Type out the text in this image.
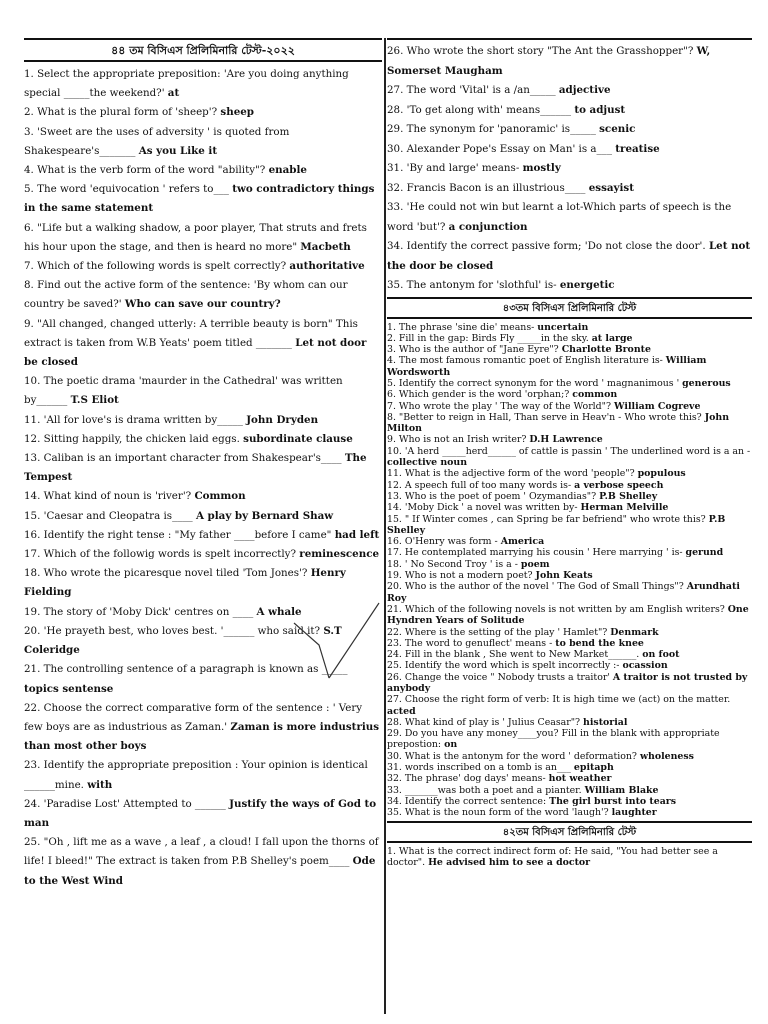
৪৪ তম বিসিএস প্রিলিমিনারি টেস্ট-২০২২

1. Select the appropriate preposition: 'Are you doing anything special _____the weekend?' at

2. What is the plural form of 'sheep'? sheep

3. 'Sweet are the uses of adversity ' is quoted from Shakespeare's_______ As you Like it

4. What is the verb form of the word "ability"? enable

5. The word 'equivocation ' refers to___ two contradictory things in the same statement

6. "Life but a walking shadow, a poor player, That struts and frets his hour upon the stage, and then is heard no more" Macbeth

7. Which of the following words is spelt correctly? authoritative

8. Find out the active form of the sentence: 'By whom can our country be saved?' Who can save our country?

9. "All changed, changed utterly: A terrible beauty is born" This extract is taken from W.B Yeats' poem titled _______ Let not door be closed

10. The poetic drama 'maurder in the Cathedral' was written by______ T.S Eliot

11. 'All for love's is drama written by_____ John Dryden

12. Sitting happily, the chicken laid eggs. subordinate clause

13. Caliban is an important character from Shakespear's____ The Tempest

14. What kind of noun is 'river'? Common

15. 'Caesar and Cleopatra is____ A play by Bernard Shaw

16. Identify the right tense : "My father ____before I came" had left

17. Which of the followig words is spelt incorrectly? reminescence

18. Who wrote the picaresque novel tiled 'Tom Jones'? Henry Fielding

19. The story of 'Moby Dick' centres on ____ A whale

20. 'He prayeth best, who loves best. '______ who said it? S.T Coleridge

21. The controlling sentence of a paragraph is known as _____ topics sentense

22. Choose the correct comparative form of the sentence : ' Very few boys are as industrious as Zaman.' Zaman is more industrius than most other boys

23. Identify the appropriate preposition : Your opinion is identical ______mine. with

24. 'Paradise Lost' Attempted to ______ Justify the ways of God to man

25. "Oh , lift me as a wave , a leaf , a cloud! I fall upon the thorns of life! I bleed!" The extract is taken from P.B Shelley's poem____ Ode to the West Wind

26. Who wrote the short story "The Ant the Grasshopper"? W, Somerset Maugham

27. The word 'Vital' is a /an_____ adjective

28. 'To get along with' means______ to adjust

29. The synonym for 'panoramic' is_____ scenic

30. Alexander Pope's Essay on Man' is a___ treatise

31. 'By and large' means- mostly

32. Francis Bacon is an illustrious____ essayist

33. 'He could not win but learnt a lot-Which parts of speech is the word 'but'? a conjunction

34. Identify the correct passive form; 'Do not close the door'. Let not the door be closed

35. The antonym for 'slothful' is- energetic

৪৩তম বিসিএস প্রিলিমিনারি টেস্ট

1. The phrase 'sine die' means- uncertain

2. Fill in the gap: Birds Fly _____in the sky. at large

3. Who is the author of "Jane Eyre"? Charlotte Bronte

4. The most famous romantic poet of English literature is- William Wordsworth

5. Identify the correct synonym for the word ' magnanimous ' generous

6. Which gender is the word 'orphan;? common

7. Who wrote the play ' The way of the World"? William Cogreve

8. "Better to reign in Hall, Than serve in Heav'n - Who wrote this? John Milton

9. Who is not an Irish writer? D.H Lawrence

10. 'A herd _____herd______ of cattle is passin ' The underlined word is a an - collective noun

11. What is the adjective form of the word 'people"? populous

12. A speech full of too many words is- a verbose speech

13. Who is the poet of poem ' Ozymandias"? P.B Shelley

14. 'Moby Dick ' a novel was written by- Herman Melville

15. " If Winter comes , can Spring be far befriend" who wrote this? P.B Shelley

16. O'Henry was form - America

17. He contemplated marrying his cousin ' Here marrying ' is- gerund

18. ' No Second Troy ' is a - poem

19. Who is not a modern poet? John Keats

20. Who is the author of the novel ' The God of Small Things"? Arundhati Roy

21. Which of the following novels is not written by am English writers? One Hyndren Years of Solitude

22. Where is the setting of the play ' Hamlet"? Denmark

23. The word to genuflect' means - to bend the knee

24. Fill in the blank , She went to New Market______. on foot

25. Identify the word which is spelt incorrectly :- ocassion

26. Change the voice " Nobody trusts a traitor' A traitor is not trusted by anybody

27. Choose the right form of verb: It is high time we (act) on the matter. acted

28. What kind of play is ' Julius Ceasar"? historial

29. Do you have any money____you? Fill in the blank with appropriate prepostion: on

30. What is the antonym for the word ' deformation? wholeness

31. words inscribed on a tomb is an___ epitaph

32. The phrase' dog days' means- hot weather

33. _______was both a poet and a pianter. William Blake

34. Identify the correct sentence: The girl burst into tears

35. What is the noun form of the word 'laugh'? laughter

৪২তম বিসিএস প্রিলিমিনারি টেস্ট

1. What is the correct indirect form of: He said, "You had better see a doctor". He advised him to see a doctor
